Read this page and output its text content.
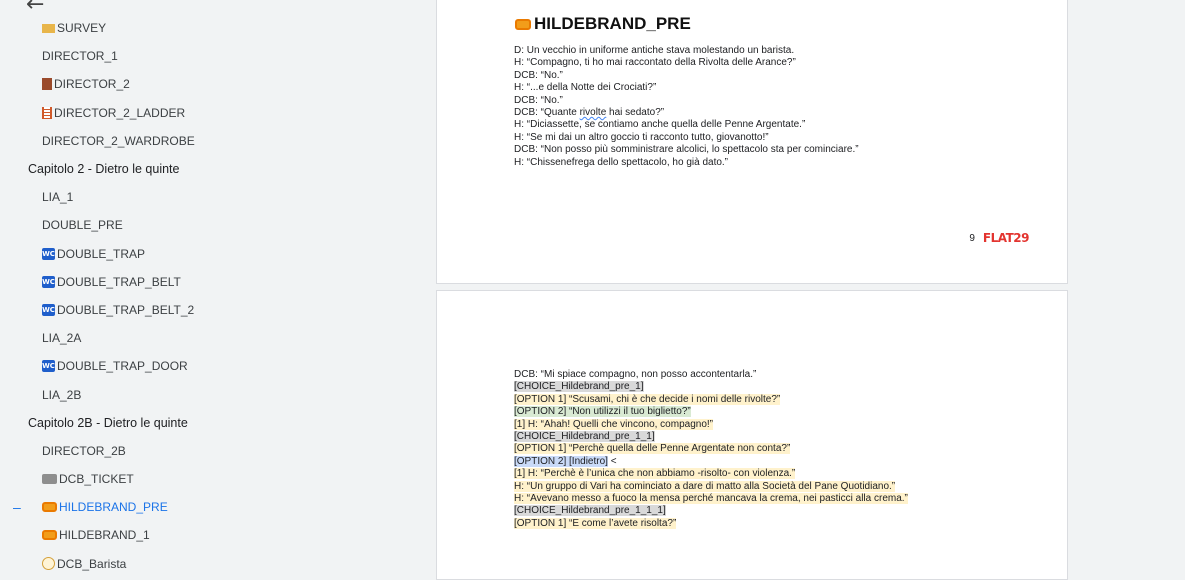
←
SURVEY
DIRECTOR_1
DIRECTOR_2
DIRECTOR_2_LADDER
DIRECTOR_2_WARDROBE
Capitolo 2 - Dietro le quinte
LIA_1
DOUBLE_PRE
WC DOUBLE_TRAP
WC DOUBLE_TRAP_BELT
WC DOUBLE_TRAP_BELT_2
LIA_2A
WC DOUBLE_TRAP_DOOR
LIA_2B
Capitolo 2B - Dietro le quinte
DIRECTOR_2B
DCB_TICKET
–	HILDEBRAND_PRE
HILDEBRAND_1
DCB_Barista
HILDEBRAND_PRE
D: Un vecchio in uniforme antiche stava molestando un barista.
H: “Compagno, ti ho mai raccontato della Rivolta delle Arance?”
DCB: “No.”
H: “...e della Notte dei Crociati?”
DCB: “No.”
DCB: “Quante rivolte hai sedato?”
H: “Diciassette, se contiamo anche quella delle Penne Argentate.”
H: “Se mi dai un altro goccio ti racconto tutto, giovanotto!”
DCB: “Non posso più somministrare alcolici, lo spettacolo sta per cominciare.”
H: “Chissenefrega dello spettacolo, ho già dato.”
9 FLAT29
DCB: “Mi spiace compagno, non posso accontentarla.”
[CHOICE_Hildebrand_pre_1]
[OPTION 1] “Scusami, chi è che decide i nomi delle rivolte?”
[OPTION 2] “Non utilizzi il tuo biglietto?”
[1] H: “Ahah! Quelli che vincono, compagno!”
[CHOICE_Hildebrand_pre_1_1]
[OPTION 1] “Perchè quella delle Penne Argentate non conta?”
[OPTION 2] [Indietro] <
[1] H: “Perchè è l’unica che non abbiamo -risolto- con violenza.”
H: “Un gruppo di Vari ha cominciato a dare di matto alla Società del Pane Quotidiano.”
H: “Avevano messo a fuoco la mensa perché mancava la crema, nei pasticci alla crema.”
[CHOICE_Hildebrand_pre_1_1_1]
[OPTION 1] “E come l’avete risolta?”
